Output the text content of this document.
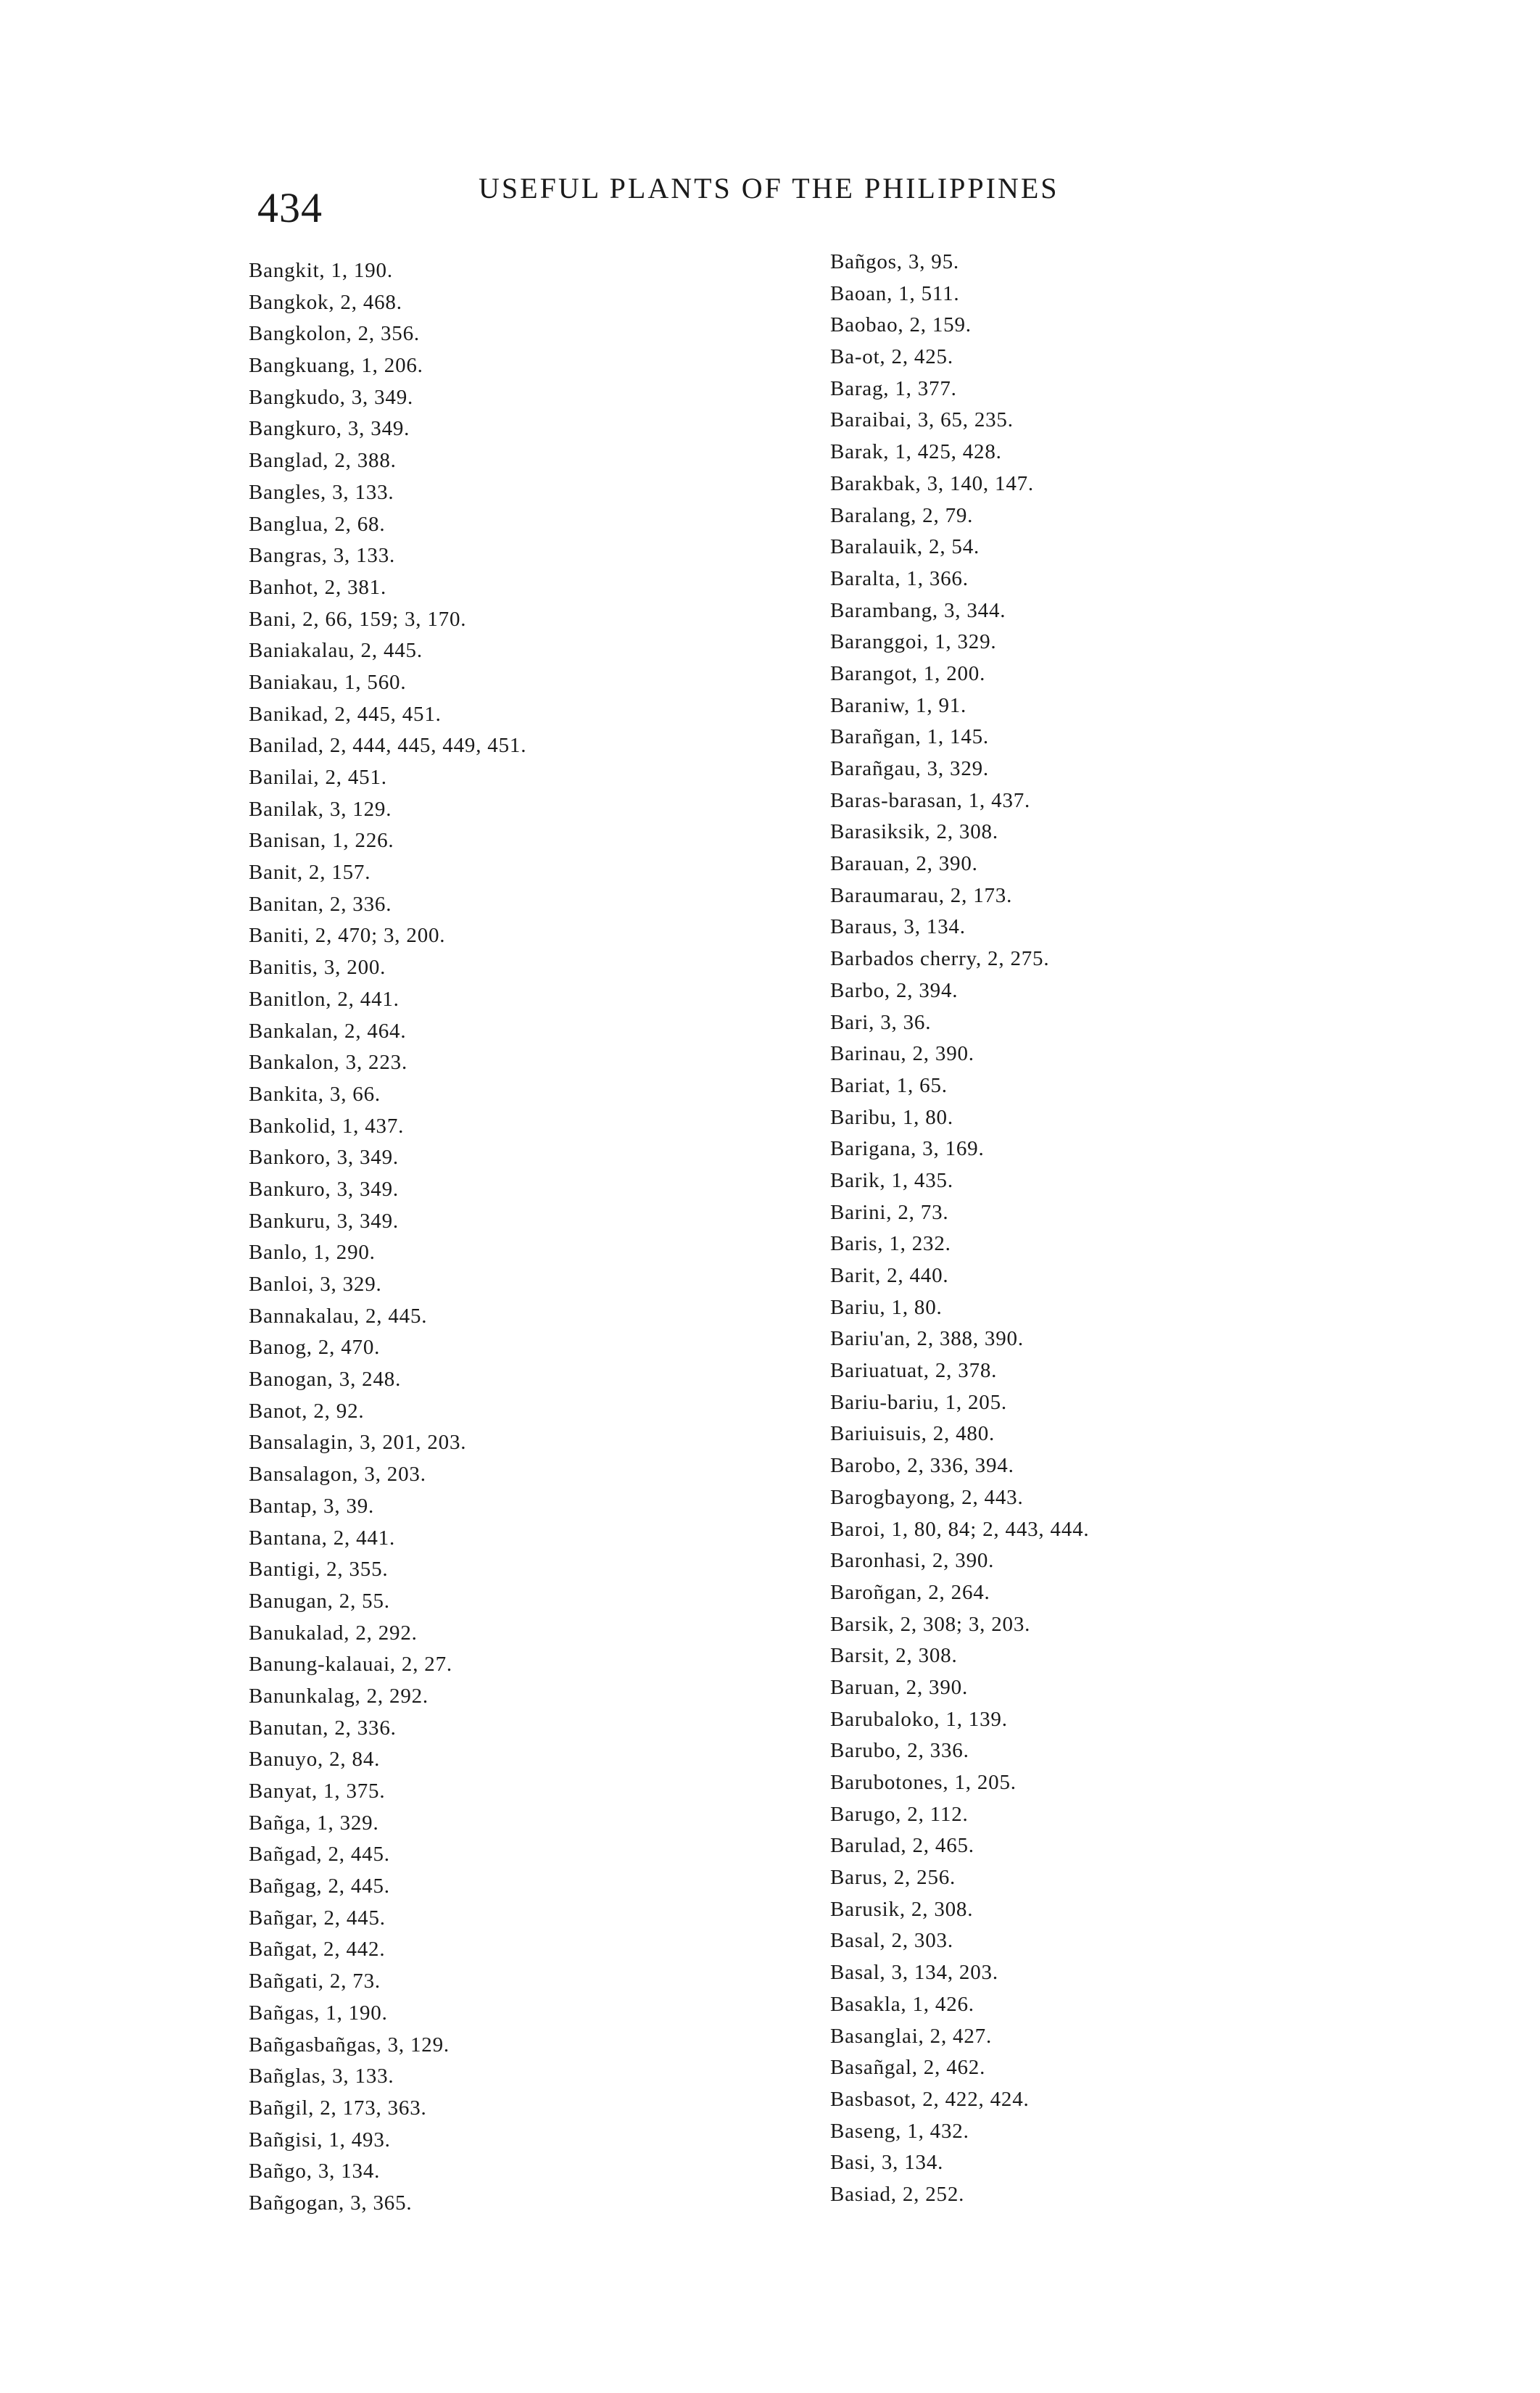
434	USEFUL PLANTS OF THE PHILIPPINES
Bangkit, 1, 190.
Bangkok, 2, 468.
Bangkolon, 2, 356.
Bangkuang, 1, 206.
Bangkudo, 3, 349.
Bangkuro, 3, 349.
Banglad, 2, 388.
Bangles, 3, 133.
Banglua, 2, 68.
Bangras, 3, 133.
Banhot, 2, 381.
Bani, 2, 66, 159; 3, 170.
Baniakalau, 2, 445.
Baniakau, 1, 560.
Banikad, 2, 445, 451.
Banilad, 2, 444, 445, 449, 451.
Banilai, 2, 451.
Banilak, 3, 129.
Banisan, 1, 226.
Banit, 2, 157.
Banitan, 2, 336.
Baniti, 2, 470; 3, 200.
Banitis, 3, 200.
Banitlon, 2, 441.
Bankalan, 2, 464.
Bankalon, 3, 223.
Bankita, 3, 66.
Bankolid, 1, 437.
Bankoro, 3, 349.
Bankuro, 3, 349.
Bankuru, 3, 349.
Banlo, 1, 290.
Banloi, 3, 329.
Bannakalau, 2, 445.
Banog, 2, 470.
Banogan, 3, 248.
Banot, 2, 92.
Bansalagin, 3, 201, 203.
Bansalagon, 3, 203.
Bantap, 3, 39.
Bantana, 2, 441.
Bantigi, 2, 355.
Banugan, 2, 55.
Banukalad, 2, 292.
Banung-kalauai, 2, 27.
Banunkalag, 2, 292.
Banutan, 2, 336.
Banuyo, 2, 84.
Banyat, 1, 375.
Bañga, 1, 329.
Bañgad, 2, 445.
Bañgag, 2, 445.
Bañgar, 2, 445.
Bañgat, 2, 442.
Bañgati, 2, 73.
Bañgas, 1, 190.
Bañgasbañgas, 3, 129.
Bañglas, 3, 133.
Bañgil, 2, 173, 363.
Bañgisi, 1, 493.
Bañgo, 3, 134.
Bañgogan, 3, 365.
Bañgos, 3, 95.
Baoan, 1, 511.
Baobao, 2, 159.
Ba-ot, 2, 425.
Barag, 1, 377.
Baraibai, 3, 65, 235.
Barak, 1, 425, 428.
Barakbak, 3, 140, 147.
Baralang, 2, 79.
Baralauik, 2, 54.
Baralta, 1, 366.
Barambang, 3, 344.
Baranggoi, 1, 329.
Barangot, 1, 200.
Baraniw, 1, 91.
Barañgan, 1, 145.
Barañgau, 3, 329.
Baras-barasan, 1, 437.
Barasiksik, 2, 308.
Barauan, 2, 390.
Baraumarau, 2, 173.
Baraus, 3, 134.
Barbados cherry, 2, 275.
Barbo, 2, 394.
Bari, 3, 36.
Barinau, 2, 390.
Bariat, 1, 65.
Baribu, 1, 80.
Barigana, 3, 169.
Barik, 1, 435.
Barini, 2, 73.
Baris, 1, 232.
Barit, 2, 440.
Bariu, 1, 80.
Bariu'an, 2, 388, 390.
Bariuatuat, 2, 378.
Bariu-bariu, 1, 205.
Bariuisuis, 2, 480.
Barobo, 2, 336, 394.
Barogbayong, 2, 443.
Baroi, 1, 80, 84; 2, 443, 444.
Baronhasi, 2, 390.
Baroñgan, 2, 264.
Barsik, 2, 308; 3, 203.
Barsit, 2, 308.
Baruan, 2, 390.
Barubaloko, 1, 139.
Barubo, 2, 336.
Barubotones, 1, 205.
Barugo, 2, 112.
Barulad, 2, 465.
Barus, 2, 256.
Barusik, 2, 308.
Basal, 2, 303.
Basal, 3, 134, 203.
Basakla, 1, 426.
Basanglai, 2, 427.
Basañgal, 2, 462.
Basbasot, 2, 422, 424.
Baseng, 1, 432.
Basi, 3, 134.
Basiad, 2, 252.
